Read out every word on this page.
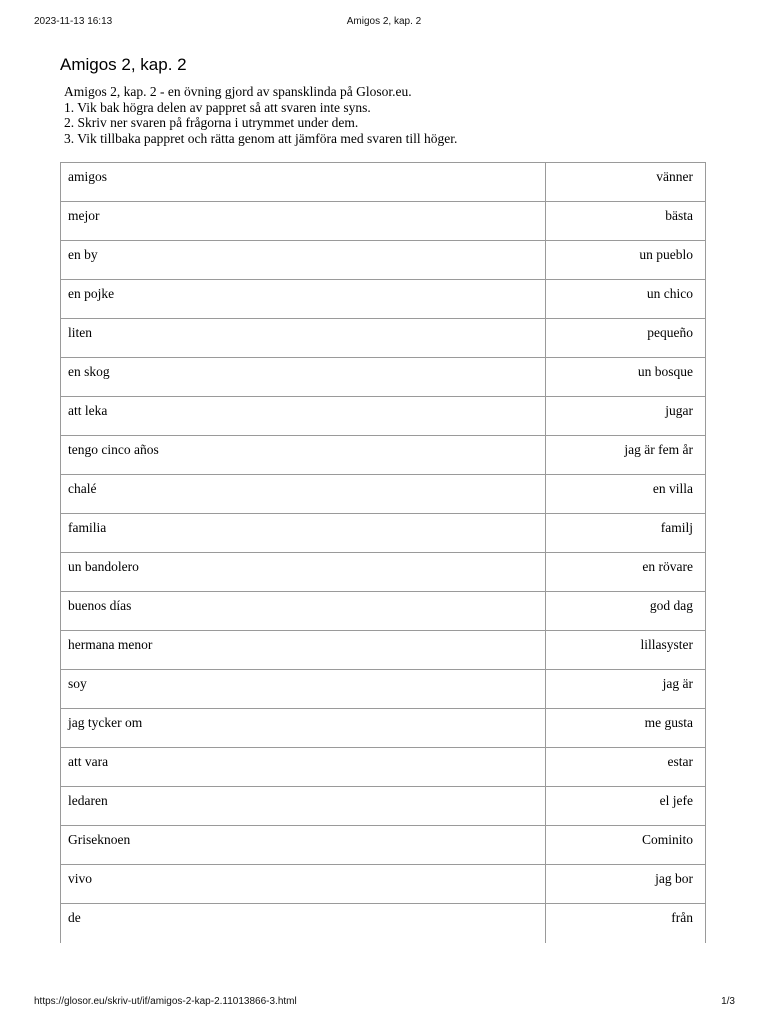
2023-11-13 16:13	Amigos 2, kap. 2
Amigos 2, kap. 2
Amigos 2, kap. 2 - en övning gjord av spansklinda på Glosor.eu.
1. Vik bak högra delen av pappret så att svaren inte syns.
2. Skriv ner svaren på frågorna i utrymmet under dem.
3. Vik tillbaka pappret och rätta genom att jämföra med svaren till höger.
amigos	vänner
mejor	bästa
en by	un pueblo
en pojke	un chico
liten	pequeño
en skog	un bosque
att leka	jugar
tengo cinco años	jag är fem år
chalé	en villa
familia	familj
un bandolero	en rövare
buenos días	god dag
hermana menor	lillasyster
soy	jag är
jag tycker om	me gusta
att vara	estar
ledaren	el jefe
Griseknoen	Cominito
vivo	jag bor
de	från
https://glosor.eu/skriv-ut/if/amigos-2-kap-2.11013866-3.html	1/3
